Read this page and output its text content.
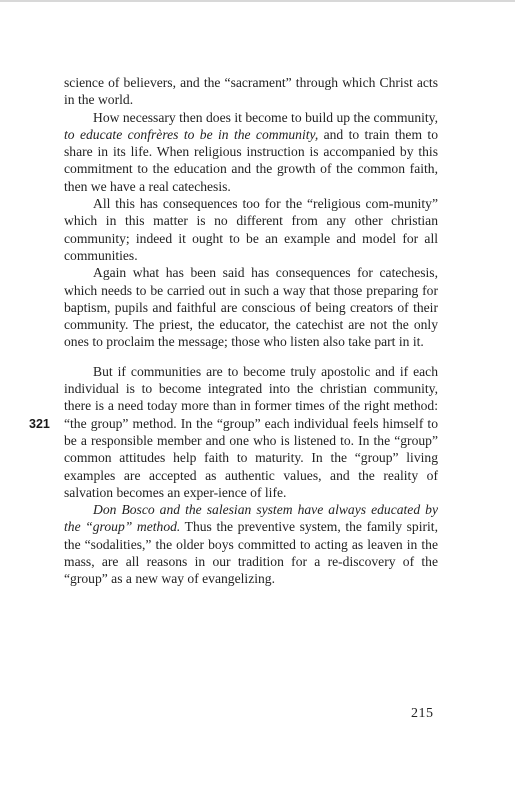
science of believers, and the “sacrament” through which Christ acts in the world.

How necessary then does it become to build up the community, to educate confrères to be in the community, and to train them to share in its life. When religious instruction is accompanied by this commitment to the education and the growth of the common faith, then we have a real catechesis.

All this has consequences too for the “religious com-munity” which in this matter is no different from any other christian community; indeed it ought to be an example and model for all communities.

Again what has been said has consequences for catechesis, which needs to be carried out in such a way that those preparing for baptism, pupils and faithful are conscious of being creators of their community. The priest, the educator, the catechist are not the only ones to proclaim the message; those who listen also take part in it.

But if communities are to become truly apostolic and if each individual is to become integrated into the christian community, there is a need today more than in former times of the right method: “the group” method. In the “group” each individual feels himself to be a responsible member and one who is listened to. In the “group” common attitudes help faith to maturity. In the “group” living examples are accepted as authentic values, and the reality of salvation becomes an exper-ience of life.

Don Bosco and the salesian system have always educated by the “group” method. Thus the preventive system, the family spirit, the “sodalities,” the older boys committed to acting as leaven in the mass, are all reasons in our tradition for a re-discovery of the “group” as a new way of evangelizing.

321
215
